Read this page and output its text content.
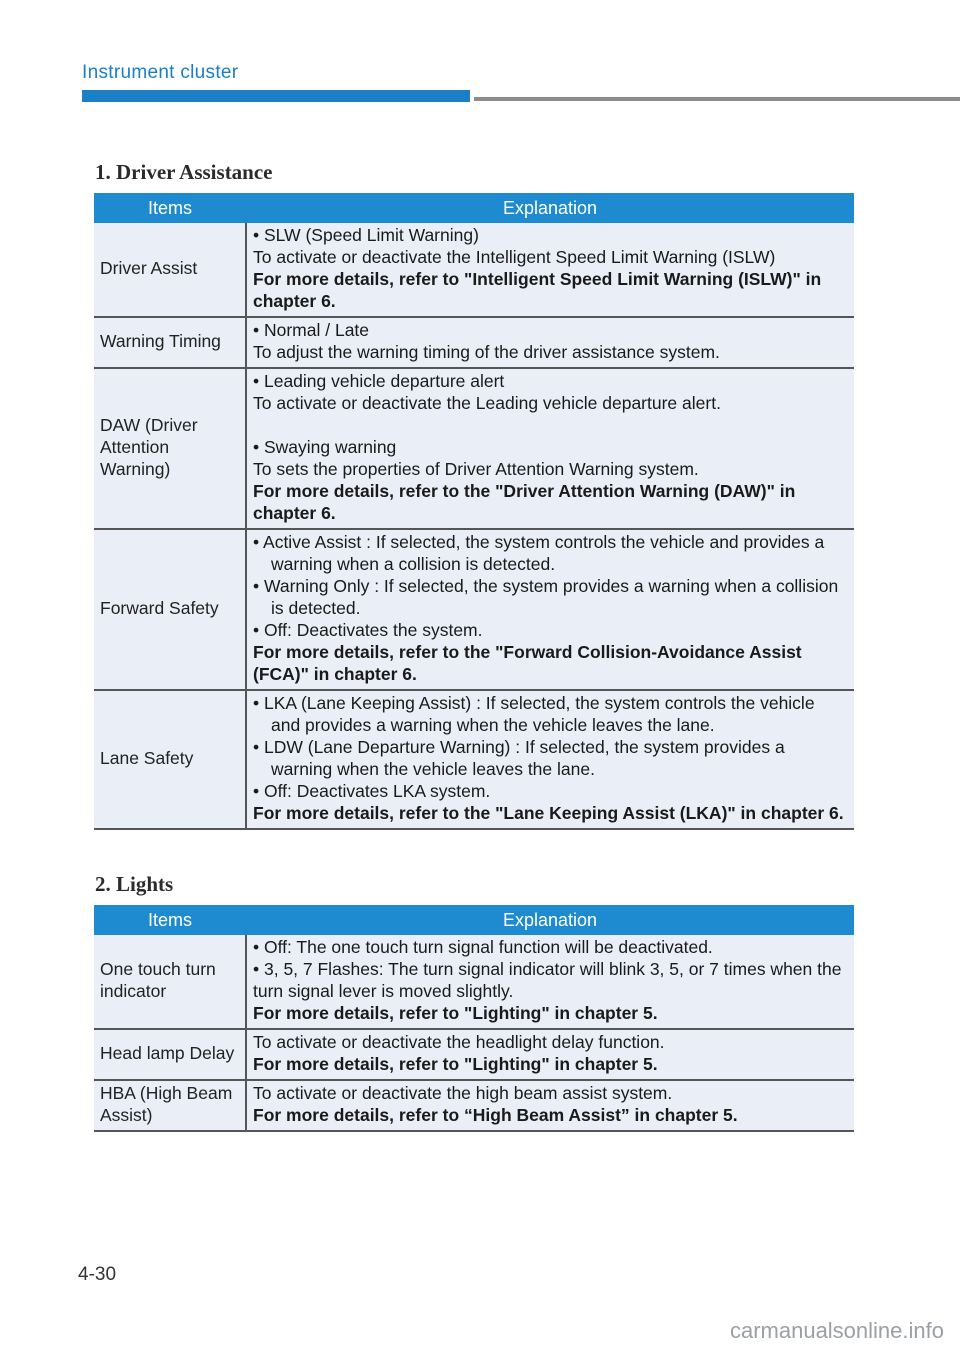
Instrument cluster
1. Driver Assistance
Items	Explanation
Driver Assist	• SLW (Speed Limit Warning)
To activate or deactivate the Intelligent Speed Limit Warning (ISLW)
For more details, refer to "Intelligent Speed Limit Warning (ISLW)" in chapter 6.

Warning Timing	• Normal / Late
To adjust the warning timing of the driver assistance system.

DAW (Driver Attention Warning)	• Leading vehicle departure alert
To activate or deactivate the Leading vehicle departure alert.
• Swaying warning
To sets the properties of Driver Attention Warning system.
For more details, refer to the "Driver Attention Warning (DAW)" in chapter 6.

Forward Safety	• Active Assist : If selected, the system controls the vehicle and provides a warning when a collision is detected.
• Warning Only : If selected, the system provides a warning when a collision is detected.
• Off: Deactivates the system.
For more details, refer to the "Forward Collision-Avoidance Assist (FCA)" in chapter 6.

Lane Safety	• LKA (Lane Keeping Assist) : If selected, the system controls the vehicle and provides a warning when the vehicle leaves the lane.
• LDW (Lane Departure Warning) : If selected, the system provides a warning when the vehicle leaves the lane.
• Off: Deactivates LKA system.
For more details, refer to the "Lane Keeping Assist (LKA)" in chapter 6.
2. Lights
Items	Explanation
One touch turn indicator	• Off: The one touch turn signal function will be deactivated.
• 3, 5, 7 Flashes: The turn signal indicator will blink 3, 5, or 7 times when the turn signal lever is moved slightly.
For more details, refer to "Lighting" in chapter 5.

Head lamp Delay	To activate or deactivate the headlight delay function.
For more details, refer to "Lighting" in chapter 5.

HBA (High Beam Assist)	To activate or deactivate the high beam assist system.
For more details, refer to “High Beam Assist” in chapter 5.
4-30
carmanualsonline.info
